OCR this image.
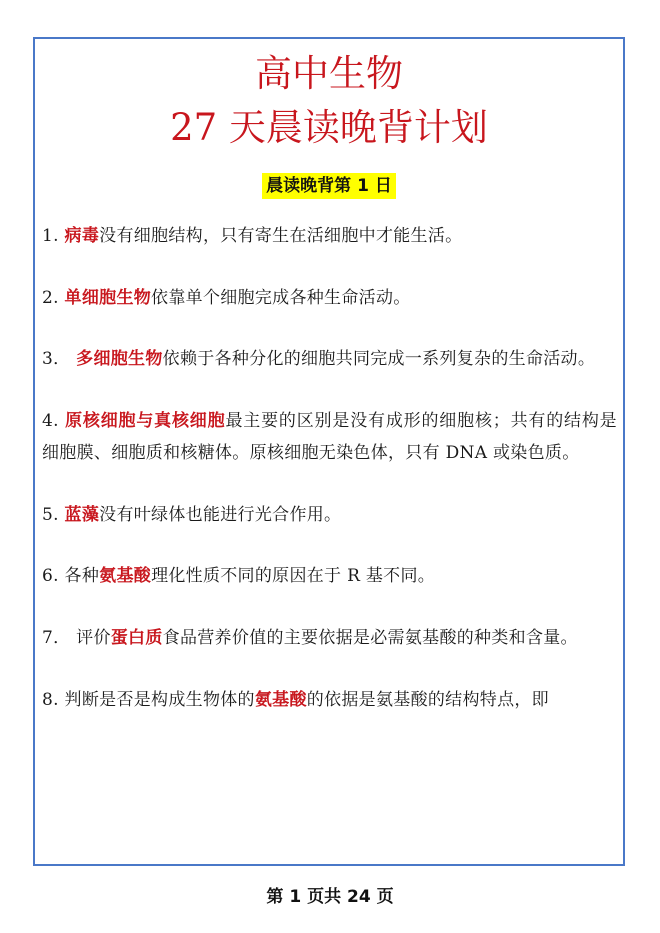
高中生物
27 天晨读晚背计划
晨读晚背第 1 日
1. 病毒没有细胞结构，只有寄生在活细胞中才能生活。
2. 单细胞生物依靠单个细胞完成各种生命活动。
3． 多细胞生物依赖于各种分化的细胞共同完成一系列复杂的生命活动。
4. 原核细胞与真核细胞最主要的区别是没有成形的细胞核；共有的结构是细胞膜、细胞质和核糖体。原核细胞无染色体，只有 DNA 或染色质。
5. 蓝藻没有叶绿体也能进行光合作用。
6. 各种氨基酸理化性质不同的原因在于 R 基不同。
7． 评价蛋白质食品营养价值的主要依据是必需氨基酸的种类和含量。
8. 判断是否是构成生物体的氨基酸的依据是氨基酸的结构特点，即
第 1 页共 24 页
